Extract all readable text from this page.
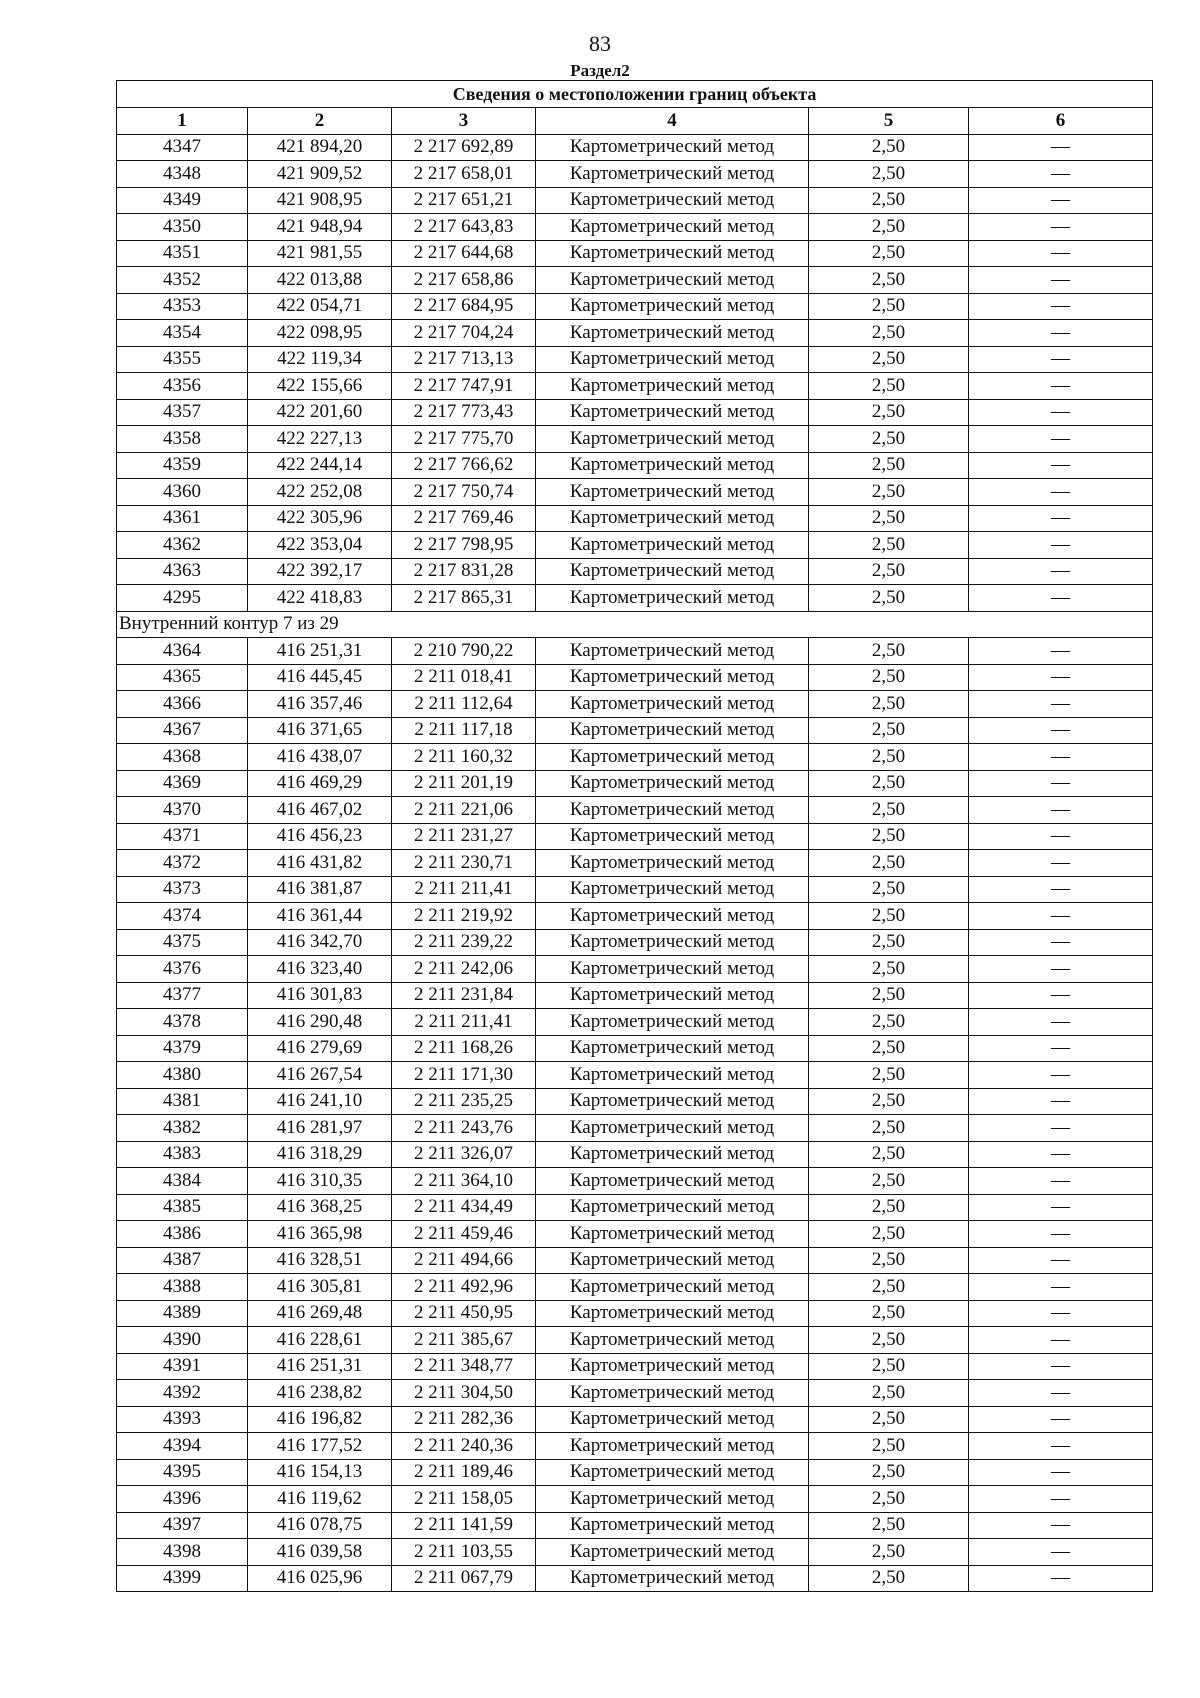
83
Раздел2
Сведения о местоположении границ объекта					
1	2	3	4	5	6
4347	421 894,20	2 217 692,89	Картометрический метод	2,50	—
4348	421 909,52	2 217 658,01	Картометрический метод	2,50	—
4349	421 908,95	2 217 651,21	Картометрический метод	2,50	—
4350	421 948,94	2 217 643,83	Картометрический метод	2,50	—
4351	421 981,55	2 217 644,68	Картометрический метод	2,50	—
4352	422 013,88	2 217 658,86	Картометрический метод	2,50	—
4353	422 054,71	2 217 684,95	Картометрический метод	2,50	—
4354	422 098,95	2 217 704,24	Картометрический метод	2,50	—
4355	422 119,34	2 217 713,13	Картометрический метод	2,50	—
4356	422 155,66	2 217 747,91	Картометрический метод	2,50	—
4357	422 201,60	2 217 773,43	Картометрический метод	2,50	—
4358	422 227,13	2 217 775,70	Картометрический метод	2,50	—
4359	422 244,14	2 217 766,62	Картометрический метод	2,50	—
4360	422 252,08	2 217 750,74	Картометрический метод	2,50	—
4361	422 305,96	2 217 769,46	Картометрический метод	2,50	—
4362	422 353,04	2 217 798,95	Картометрический метод	2,50	—
4363	422 392,17	2 217 831,28	Картометрический метод	2,50	—
4295	422 418,83	2 217 865,31	Картометрический метод	2,50	—
Внутренний контур 7 из 29					
4364	416 251,31	2 210 790,22	Картометрический метод	2,50	—
4365	416 445,45	2 211 018,41	Картометрический метод	2,50	—
4366	416 357,46	2 211 112,64	Картометрический метод	2,50	—
4367	416 371,65	2 211 117,18	Картометрический метод	2,50	—
4368	416 438,07	2 211 160,32	Картометрический метод	2,50	—
4369	416 469,29	2 211 201,19	Картометрический метод	2,50	—
4370	416 467,02	2 211 221,06	Картометрический метод	2,50	—
4371	416 456,23	2 211 231,27	Картометрический метод	2,50	—
4372	416 431,82	2 211 230,71	Картометрический метод	2,50	—
4373	416 381,87	2 211 211,41	Картометрический метод	2,50	—
4374	416 361,44	2 211 219,92	Картометрический метод	2,50	—
4375	416 342,70	2 211 239,22	Картометрический метод	2,50	—
4376	416 323,40	2 211 242,06	Картометрический метод	2,50	—
4377	416 301,83	2 211 231,84	Картометрический метод	2,50	—
4378	416 290,48	2 211 211,41	Картометрический метод	2,50	—
4379	416 279,69	2 211 168,26	Картометрический метод	2,50	—
4380	416 267,54	2 211 171,30	Картометрический метод	2,50	—
4381	416 241,10	2 211 235,25	Картометрический метод	2,50	—
4382	416 281,97	2 211 243,76	Картометрический метод	2,50	—
4383	416 318,29	2 211 326,07	Картометрический метод	2,50	—
4384	416 310,35	2 211 364,10	Картометрический метод	2,50	—
4385	416 368,25	2 211 434,49	Картометрический метод	2,50	—
4386	416 365,98	2 211 459,46	Картометрический метод	2,50	—
4387	416 328,51	2 211 494,66	Картометрический метод	2,50	—
4388	416 305,81	2 211 492,96	Картометрический метод	2,50	—
4389	416 269,48	2 211 450,95	Картометрический метод	2,50	—
4390	416 228,61	2 211 385,67	Картометрический метод	2,50	—
4391	416 251,31	2 211 348,77	Картометрический метод	2,50	—
4392	416 238,82	2 211 304,50	Картометрический метод	2,50	—
4393	416 196,82	2 211 282,36	Картометрический метод	2,50	—
4394	416 177,52	2 211 240,36	Картометрический метод	2,50	—
4395	416 154,13	2 211 189,46	Картометрический метод	2,50	—
4396	416 119,62	2 211 158,05	Картометрический метод	2,50	—
4397	416 078,75	2 211 141,59	Картометрический метод	2,50	—
4398	416 039,58	2 211 103,55	Картометрический метод	2,50	—
4399	416 025,96	2 211 067,79	Картометрический метод	2,50	—
